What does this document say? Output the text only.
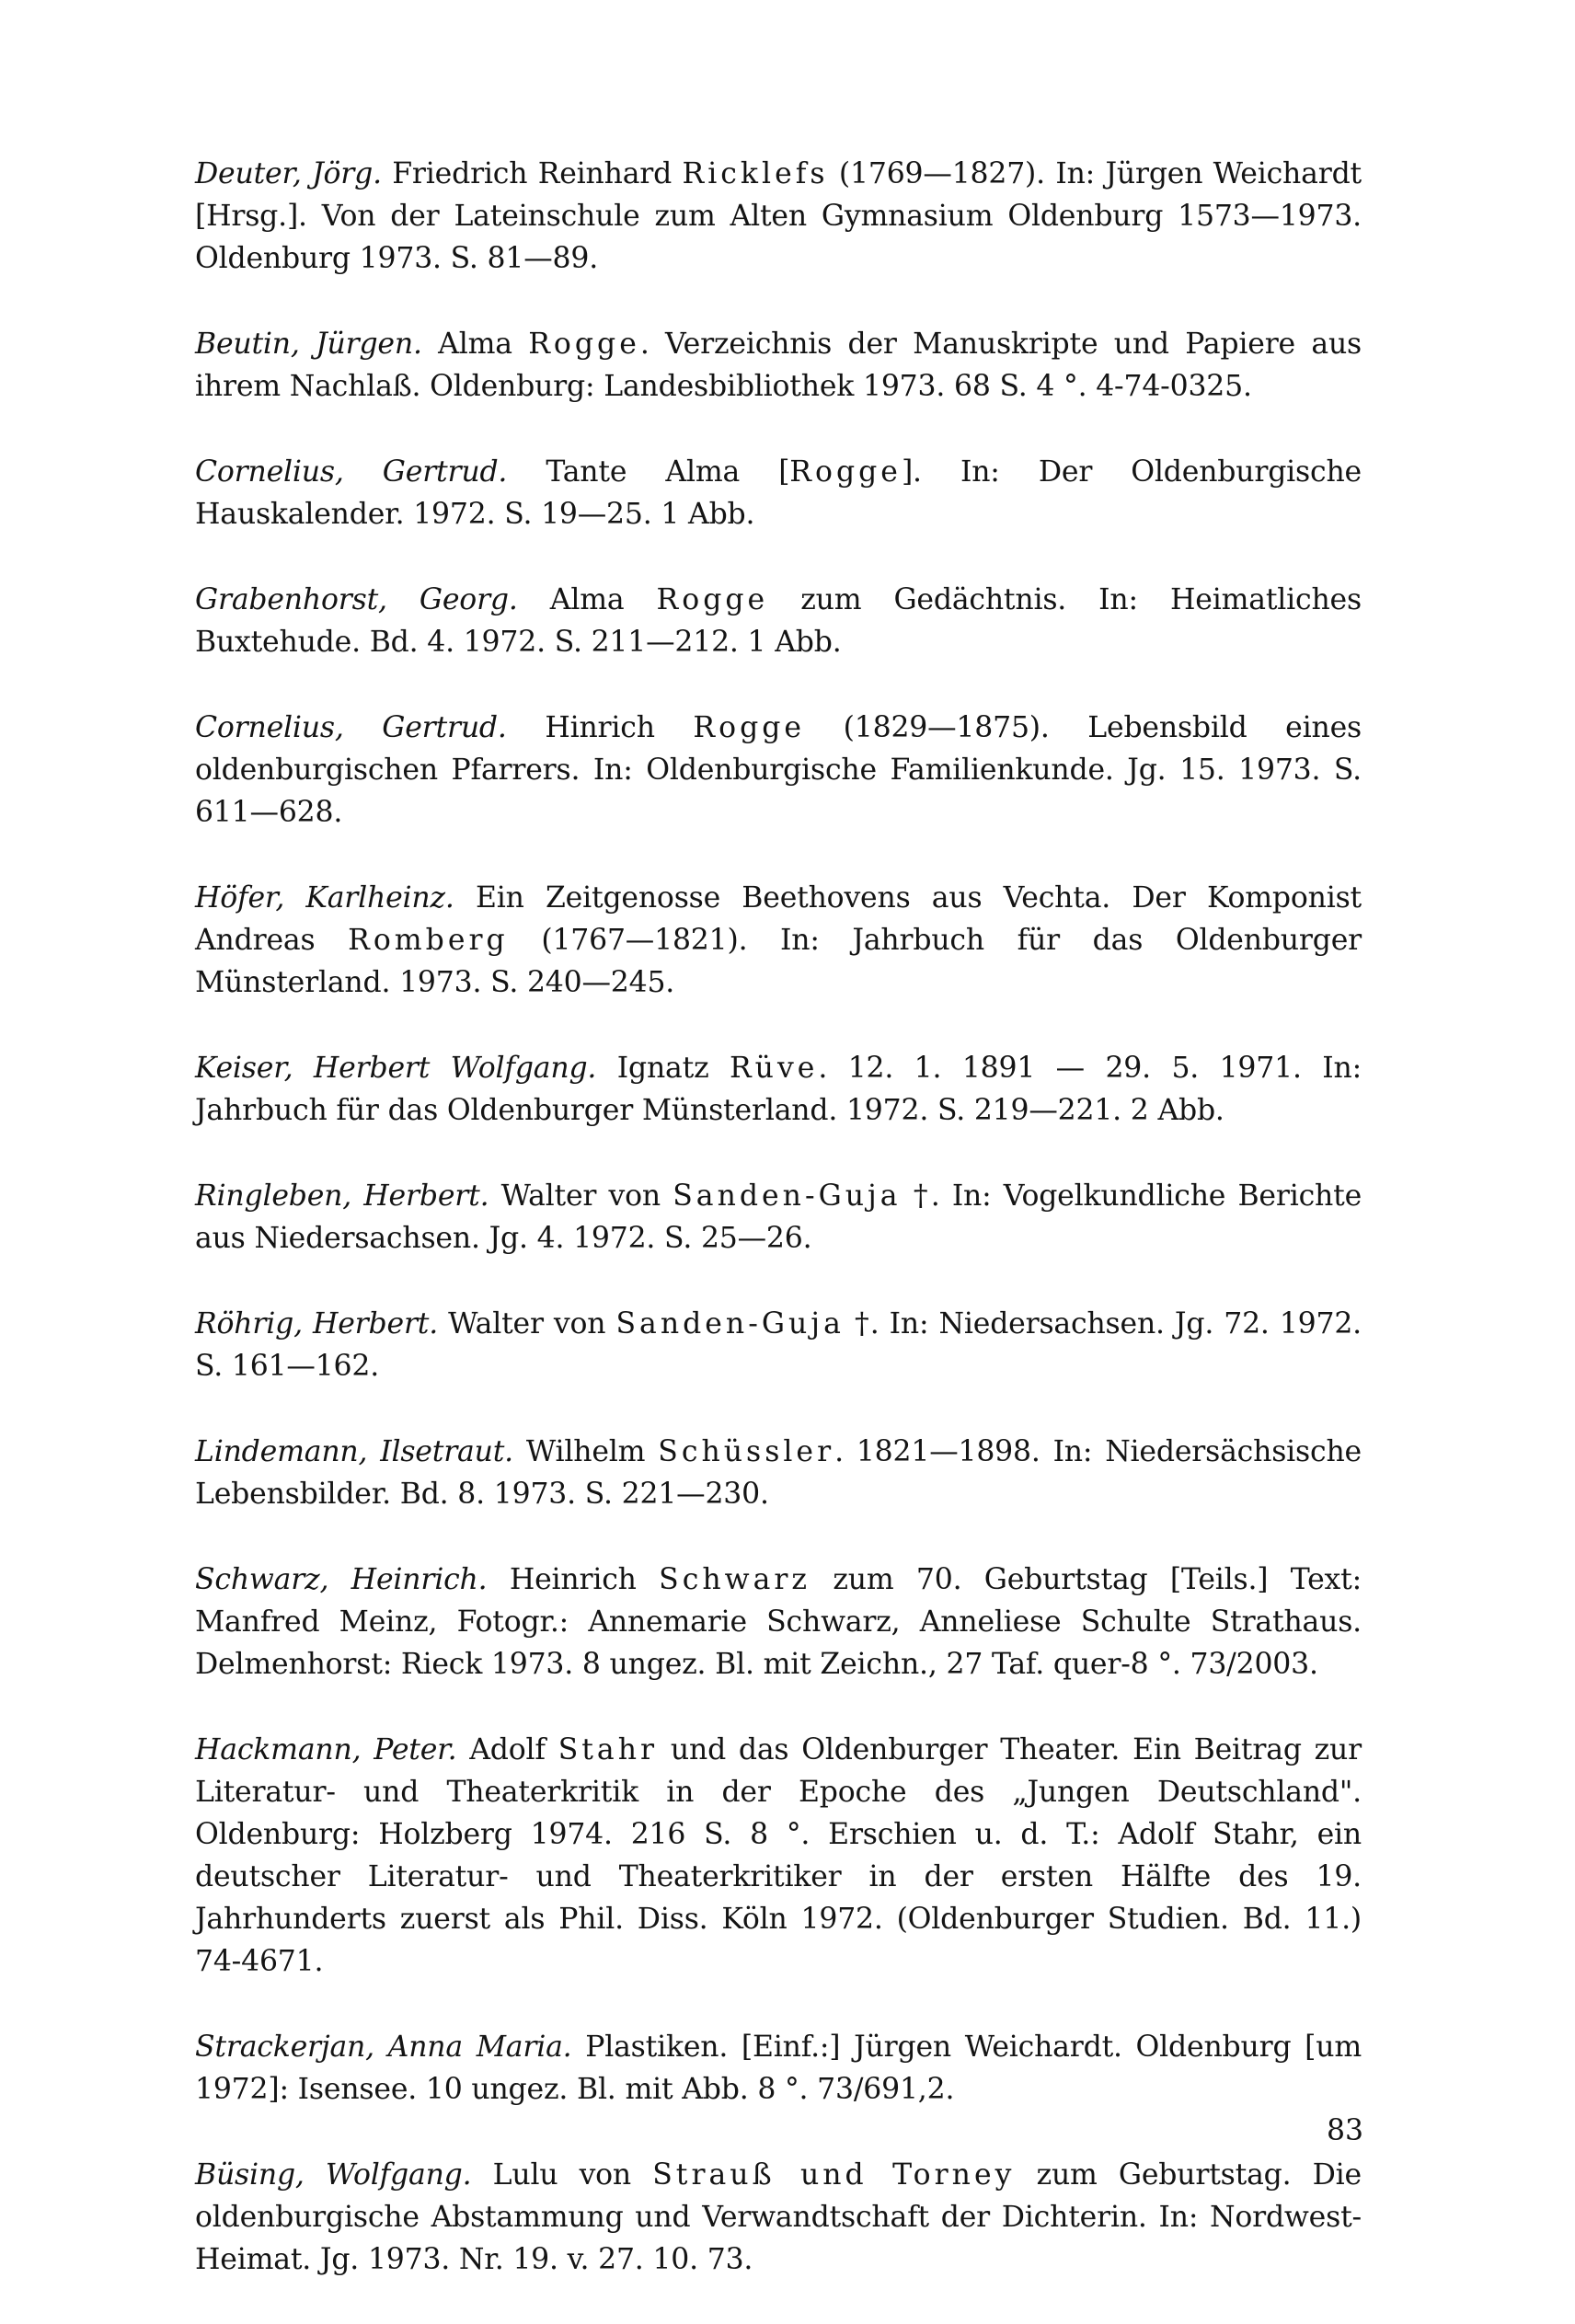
Deuter, Jörg. Friedrich Reinhard Ricklefs (1769—1827). In: Jürgen Weichardt [Hrsg.]. Von der Lateinschule zum Alten Gymnasium Oldenburg 1573—1973. Oldenburg 1973. S. 81—89.

Beutin, Jürgen. Alma Rogge. Verzeichnis der Manuskripte und Papiere aus ihrem Nachlaß. Oldenburg: Landesbibliothek 1973. 68 S. 4 °. 4-74-0325.

Cornelius, Gertrud. Tante Alma [Rogge]. In: Der Oldenburgische Hauskalender. 1972. S. 19—25. 1 Abb.

Grabenhorst, Georg. Alma Rogge zum Gedächtnis. In: Heimatliches Buxtehude. Bd. 4. 1972. S. 211—212. 1 Abb.

Cornelius, Gertrud. Hinrich Rogge (1829—1875). Lebensbild eines oldenburgischen Pfarrers. In: Oldenburgische Familienkunde. Jg. 15. 1973. S. 611—628.

Höfer, Karlheinz. Ein Zeitgenosse Beethovens aus Vechta. Der Komponist Andreas Romberg (1767—1821). In: Jahrbuch für das Oldenburger Münsterland. 1973. S. 240—245.

Keiser, Herbert Wolfgang. Ignatz Rüve. 12. 1. 1891 — 29. 5. 1971. In: Jahrbuch für das Oldenburger Münsterland. 1972. S. 219—221. 2 Abb.

Ringleben, Herbert. Walter von Sanden-Guja †. In: Vogelkundliche Berichte aus Niedersachsen. Jg. 4. 1972. S. 25—26.

Röhrig, Herbert. Walter von Sanden-Guja †. In: Niedersachsen. Jg. 72. 1972. S. 161—162.

Lindemann, Ilsetraut. Wilhelm Schüssler. 1821—1898. In: Niedersächsische Lebensbilder. Bd. 8. 1973. S. 221—230.

Schwarz, Heinrich. Heinrich Schwarz zum 70. Geburtstag [Teils.] Text: Manfred Meinz, Fotogr.: Annemarie Schwarz, Anneliese Schulte Strathaus. Delmenhorst: Rieck 1973. 8 ungez. Bl. mit Zeichn., 27 Taf. quer-8 °. 73/2003.

Hackmann, Peter. Adolf Stahr und das Oldenburger Theater. Ein Beitrag zur Literatur- und Theaterkritik in der Epoche des „Jungen Deutschland". Oldenburg: Holzberg 1974. 216 S. 8 °. Erschien u. d. T.: Adolf Stahr, ein deutscher Literatur- und Theaterkritiker in der ersten Hälfte des 19. Jahrhunderts zuerst als Phil. Diss. Köln 1972. (Oldenburger Studien. Bd. 11.) 74-4671.

Strackerjan, Anna Maria. Plastiken. [Einf.:] Jürgen Weichardt. Oldenburg [um 1972]: Isensee. 10 ungez. Bl. mit Abb. 8 °. 73/691,2.

Büsing, Wolfgang. Lulu von Strauß und Torney zum Geburtstag. Die oldenburgische Abstammung und Verwandtschaft der Dichterin. In: Nordwest-Heimat. Jg. 1973. Nr. 19. v. 27. 10. 73.

83
